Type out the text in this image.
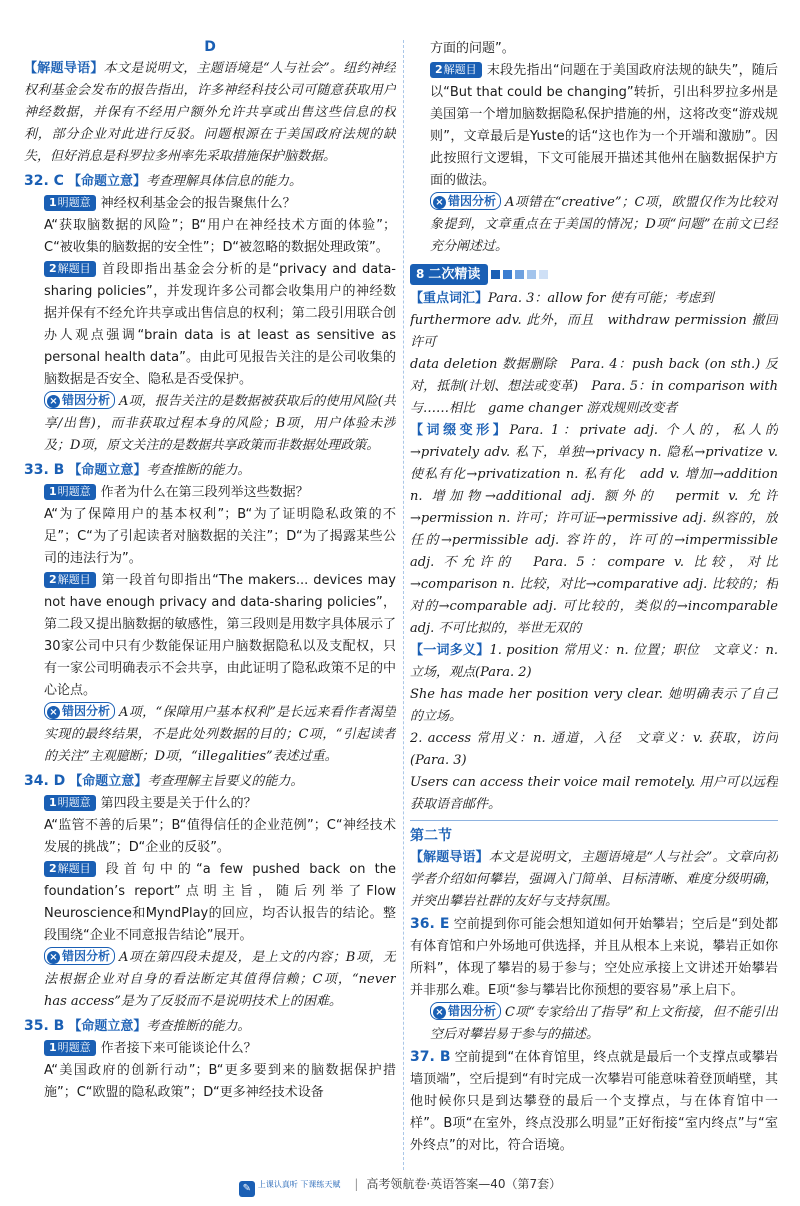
D

【解题导语】本文是说明文，主题语境是“人与社会”。纽约神经权利基金会发布的报告指出，许多神经科技公司可随意获取用户神经数据，并保有不经用户额外允许共享或出售这些信息的权利，部分企业对此进行反驳。问题根源在于美国政府法规的缺失，但好消息是科罗拉多州率先采取措施保护脑数据。

32. C 【命题立意】考查理解具体信息的能力。

1明题意 神经权利基金会的报告聚焦什么？

A“获取脑数据的风险”；B“用户在神经技术方面的体验”；C“被收集的脑数据的安全性”；D“被忽略的数据处理政策”。

2解题目 首段即指出基金会分析的是“privacy and data-sharing policies”，并发现许多公司都会收集用户的神经数据并保有不经允许共享或出售信息的权利；第二段引用联合创办人观点强调“brain data is at least as sensitive as personal health data”。由此可见报告关注的是公司收集的脑数据是否安全、隐私是否受保护。

× 错因分析 A项，报告关注的是数据被获取后的使用风险(共享/出售)，而非获取过程本身的风险；B项，用户体验未涉及；D项，原文关注的是数据共享政策而非数据处理政策。

33. B 【命题立意】考查推断的能力。

1明题意 作者为什么在第三段列举这些数据？

A“为了保障用户的基本权利”；B“为了证明隐私政策的不足”；C“为了引起读者对脑数据的关注”；D“为了揭露某些公司的违法行为”。

2解题目 第一段首句即指出“The makers... devices may not have enough privacy and data-sharing policies”，第二段又提出脑数据的敏感性，第三段则是用数字具体展示了30家公司中只有少数能保证用户脑数据隐私以及支配权，只有一家公司明确表示不会共享，由此证明了隐私政策不足的中心论点。

× 错因分析 A项，“保障用户基本权利”是长远来看作者渴望实现的最终结果，不是此处列数据的目的；C项，“引起读者的关注”主观臆断；D项，“illegalities”表述过重。

34. D 【命题立意】考查理解主旨要义的能力。

1明题意 第四段主要是关于什么的？

A“监管不善的后果”；B“值得信任的企业范例”；C“神经技术发展的挑战”；D“企业的反驳”。

2解题目 段首句中的“a few pushed back on the foundation’s report”点明主旨，随后列举了Flow Neuroscience和MyndPlay的回应，均否认报告的结论。整段围绕“企业不同意报告结论”展开。

× 错因分析 A项在第四段未提及，是上文的内容；B项，无法根据企业对自身的看法断定其值得信赖；C项，“never has access”是为了反驳而不是说明技术上的困难。

35. B 【命题立意】考查推断的能力。

1明题意 作者接下来可能谈论什么？

A“美国政府的创新行动”；B“更多要到来的脑数据保护措施”；C“欧盟的隐私政策”；D“更多神经技术设备

方面的问题”。

2解题目 末段先指出“问题在于美国政府法规的缺失”，随后以“But that could be changing”转折，引出科罗拉多州是美国第一个增加脑数据隐私保护措施的州，这将改变“游戏规则”，文章最后是Yuste的话“这也作为一个开端和激励”。因此按照行文逻辑，下文可能展开描述其他州在脑数据保护方面的做法。

× 错因分析 A项错在“creative”；C项，欧盟仅作为比较对象提到，文章重点在于美国的情况；D项“问题”在前文已经充分阐述过。

8 二次精读

【重点词汇】Para. 3：allow for 使有可能；考虑到

furthermore adv. 此外，而且　withdraw permission 撤回许可

data deletion 数据删除　Para. 4：push back (on sth.) 反对，抵制(计划、想法或变革)　Para. 5：in comparison with 与……相比　game changer 游戏规则改变者

【词缀变形】Para. 1：private adj. 个人的，私人的→privately adv. 私下，单独→privacy n. 隐私→privatize v. 使私有化→privatization n. 私有化　add v. 增加→addition n. 增加物→additional adj. 额外的　permit v. 允许→permission n. 许可；许可证→permissive adj. 纵容的，放任的→permissible adj. 容许的，许可的→impermissible adj. 不允许的　Para. 5：compare v. 比较，对比→comparison n. 比较，对比→comparative adj. 比较的；相对的→comparable adj. 可比较的，类似的→incomparable adj. 不可比拟的，举世无双的

【一词多义】1. position 常用义：n. 位置；职位　文章义：n. 立场，观点(Para. 2)

She has made her position very clear. 她明确表示了自己的立场。

2. access 常用义：n. 通道，入径　文章义：v. 获取，访问(Para. 3)

Users can access their voice mail remotely. 用户可以远程获取语音邮件。

第二节

【解题导语】本文是说明文，主题语境是“人与社会”。文章向初学者介绍如何攀岩，强调入门简单、目标清晰、难度分级明确，并突出攀岩社群的友好与支持氛围。

36. E 空前提到你可能会想知道如何开始攀岩；空后是“到处都有体育馆和户外场地可供选择，并且从根本上来说，攀岩正如你所料”，体现了攀岩的易于参与；空处应承接上文讲述开始攀岩并非那么难。E项“参与攀岩比你预想的要容易”承上启下。

× 错因分析 C项“专家给出了指导”和上文衔接，但不能引出空后对攀岩易于参与的描述。

37. B 空前提到“在体育馆里，终点就是最后一个支撑点或攀岩墙顶端”，空后提到“有时完成一次攀岩可能意味着登顶峭壁，其他时候你只是到达攀登的最后一个支撑点，与在体育馆中一样”。B项“在室外，终点没那么明显”正好衔接“室内终点”与“室外终点”的对比，符合语境。

✎ 上课认真听 下课练天赋 | 高考领航卷·英语答案—40（第7套）
